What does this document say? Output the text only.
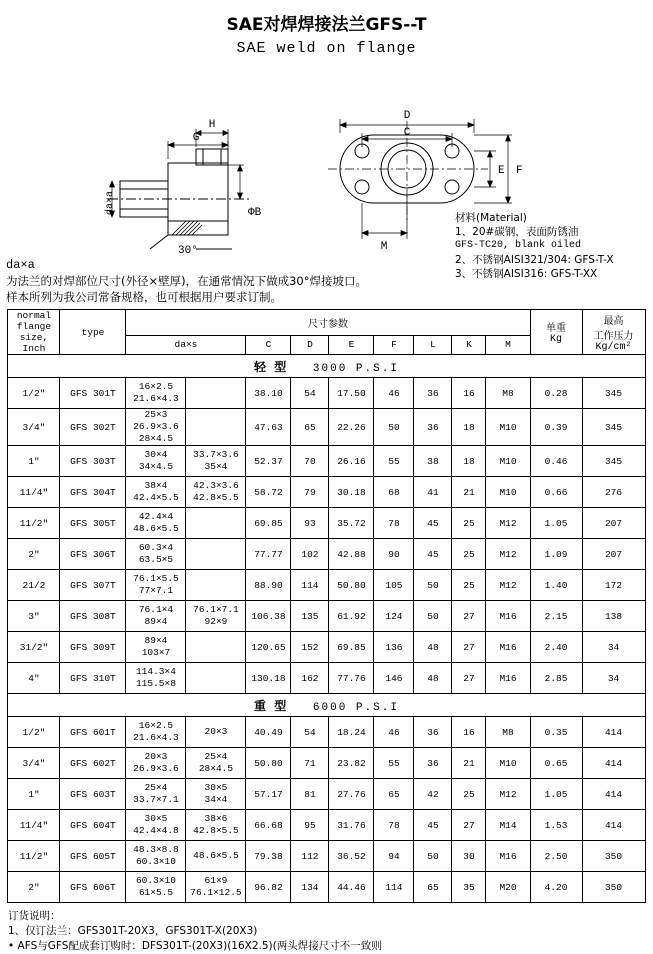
SAE对焊焊接法兰GFS--T
SAE weld on flange
G
H
da×a	ΦB
30°
D
C
E F
M
材料(Material)
1、20#碳钢，表面防锈油
GFS-TC20, blank oiled
2、不锈钢AISI321/304: GFS-T-X
3、不锈钢AISI316: GFS-T-XX
da×a
为法兰的对焊部位尺寸(外径×壁厚)，在通常情况下做成30°焊接坡口。
样本所列为我公司常备规格，也可根据用户要求订制。
normal
flange
size,
Inch
	type	尺寸参数	单重
Kg

最高
工作压力
Kg/cm²

		da×s		C	D	E	F	L	K	M		
轻 型    3000 P.S.I												
1/2″	GFS 301T	16×2.5
21.6×4.3		38.10	54	17.50	46	36	16	M8	0.28	345
3/4″	GFS 302T	25×3
26.9×3.6
28×4.5		47.63	65	22.26	50	36	18	M10	0.39	345
1″	GFS 303T	
30×4
34×4.5

33.7×3.6
35×4	52.37	70	26.16	55	38	18	M10	0.46	345
11/4″	GFS 304T	
38×4
42.4×5.5

42.3×3.6
42.8×5.5	58.72	79	30.18	68	41	21	M10	0.66	276
11/2″	GFS 305T	42.4×4
48.6×5.5		69.85	93	35.72	78	45	25	M12	1.05	207
2″	GFS 306T	60.3×4
63.5×5		77.77	102	42.88	90	45	25	M12	1.09	207
21/2	GFS 307T	76.1×5.5
77×7.1		88.90	114	50.80	105	50	25	M12	1.40	172
3″	GFS 308T	
76.1×4
89×4

76.1×7.1
92×9	106.38	135	61.92	124	50	27	M16	2.15	138
31/2″	GFS 309T	89×4
103×7		120.65	152	69.85	136	48	27	M16	2.40	34
4″	GFS 310T	114.3×4
115.5×8		130.18	162	77.76	146	48	27	M16	2.85	34
重 型    6000 P.S.I												
1/2″	GFS 601T	16×2.5
21.6×4.3	20×3	40.49	54	18.24	46	36	16	M8	0.35	414
3/4″	GFS 602T	
20×3
26.9×3.6

25×4
28×4.5	50.80	71	23.82	55	36	21	M10	0.65	414
1″	GFS 603T	
25×4
33.7×7.1

30×5
34×4	57.17	81	27.76	65	42	25	M12	1.05	414
11/4″	GFS 604T	
30×5
42.4×4.8

38×6
42.8×5.5	66.68	95	31.76	78	45	27	M14	1.53	414
11/2″	GFS 605T	48.3×8.8
60.3×10	48.6×5.5	79.38	112	36.52	94	50	30	M16	2.50	350
2″	GFS 606T	
60.3×10
61×5.5

61×9
76.1×12.5	96.82	134	44.46	114	65	35	M20	4.20	350
订货说明：
1、仅订法兰：GFS301T-20X3，GFS301T-X(20X3)
• AFS与GFS配成套订购时：DFS301T-(20X3)(16X2.5)(两头焊接尺寸不一致则
